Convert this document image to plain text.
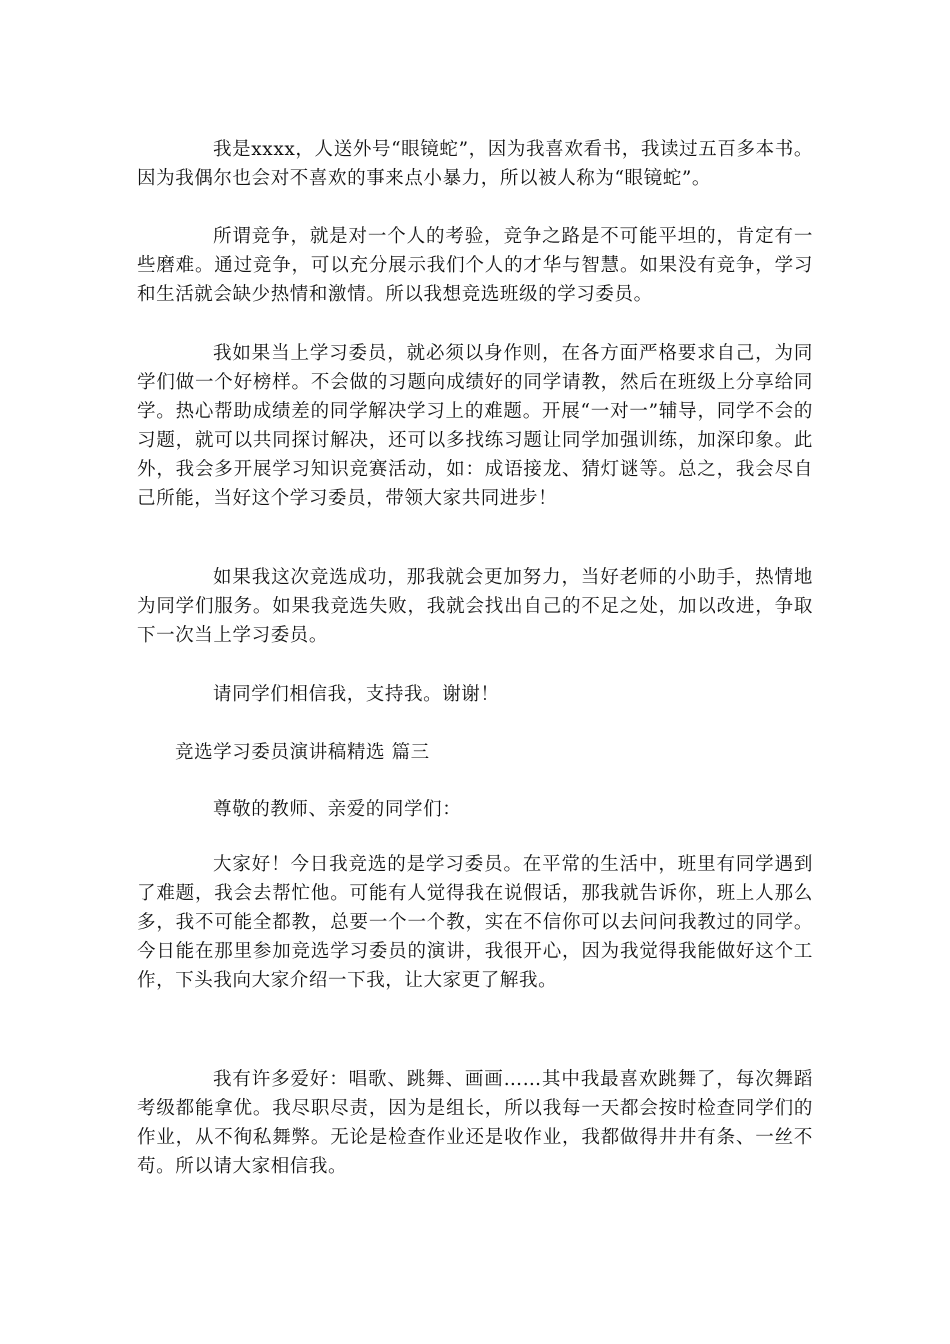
我是xxxx，人送外号“眼镜蛇”，因为我喜欢看书，我读过五百多本书。因为我偶尔也会对不喜欢的事来点小暴力，所以被人称为“眼镜蛇”。

所谓竞争，就是对一个人的考验，竞争之路是不可能平坦的，肯定有一些磨难。通过竞争，可以充分展示我们个人的才华与智慧。如果没有竞争，学习和生活就会缺少热情和激情。所以我想竞选班级的学习委员。

我如果当上学习委员，就必须以身作则，在各方面严格要求自己，为同学们做一个好榜样。不会做的习题向成绩好的同学请教，然后在班级上分享给同学。热心帮助成绩差的同学解决学习上的难题。开展“一对一”辅导，同学不会的习题，就可以共同探讨解决，还可以多找练习题让同学加强训练，加深印象。此外，我会多开展学习知识竞赛活动，如：成语接龙、猜灯谜等。总之，我会尽自己所能，当好这个学习委员，带领大家共同进步！

如果我这次竞选成功，那我就会更加努力，当好老师的小助手，热情地为同学们服务。如果我竞选失败，我就会找出自己的不足之处，加以改进，争取下一次当上学习委员。

请同学们相信我，支持我。谢谢！

竞选学习委员演讲稿精选 篇三

尊敬的教师、亲爱的同学们：

大家好！今日我竞选的是学习委员。在平常的生活中，班里有同学遇到了难题，我会去帮忙他。可能有人觉得我在说假话，那我就告诉你，班上人那么多，我不可能全都教，总要一个一个教，实在不信你可以去问问我教过的同学。今日能在那里参加竞选学习委员的演讲，我很开心，因为我觉得我能做好这个工作，下头我向大家介绍一下我，让大家更了解我。

我有许多爱好：唱歌、跳舞、画画……其中我最喜欢跳舞了，每次舞蹈考级都能拿优。我尽职尽责，因为是组长，所以我每一天都会按时检查同学们的作业，从不徇私舞弊。无论是检查作业还是收作业，我都做得井井有条、一丝不苟。所以请大家相信我。
